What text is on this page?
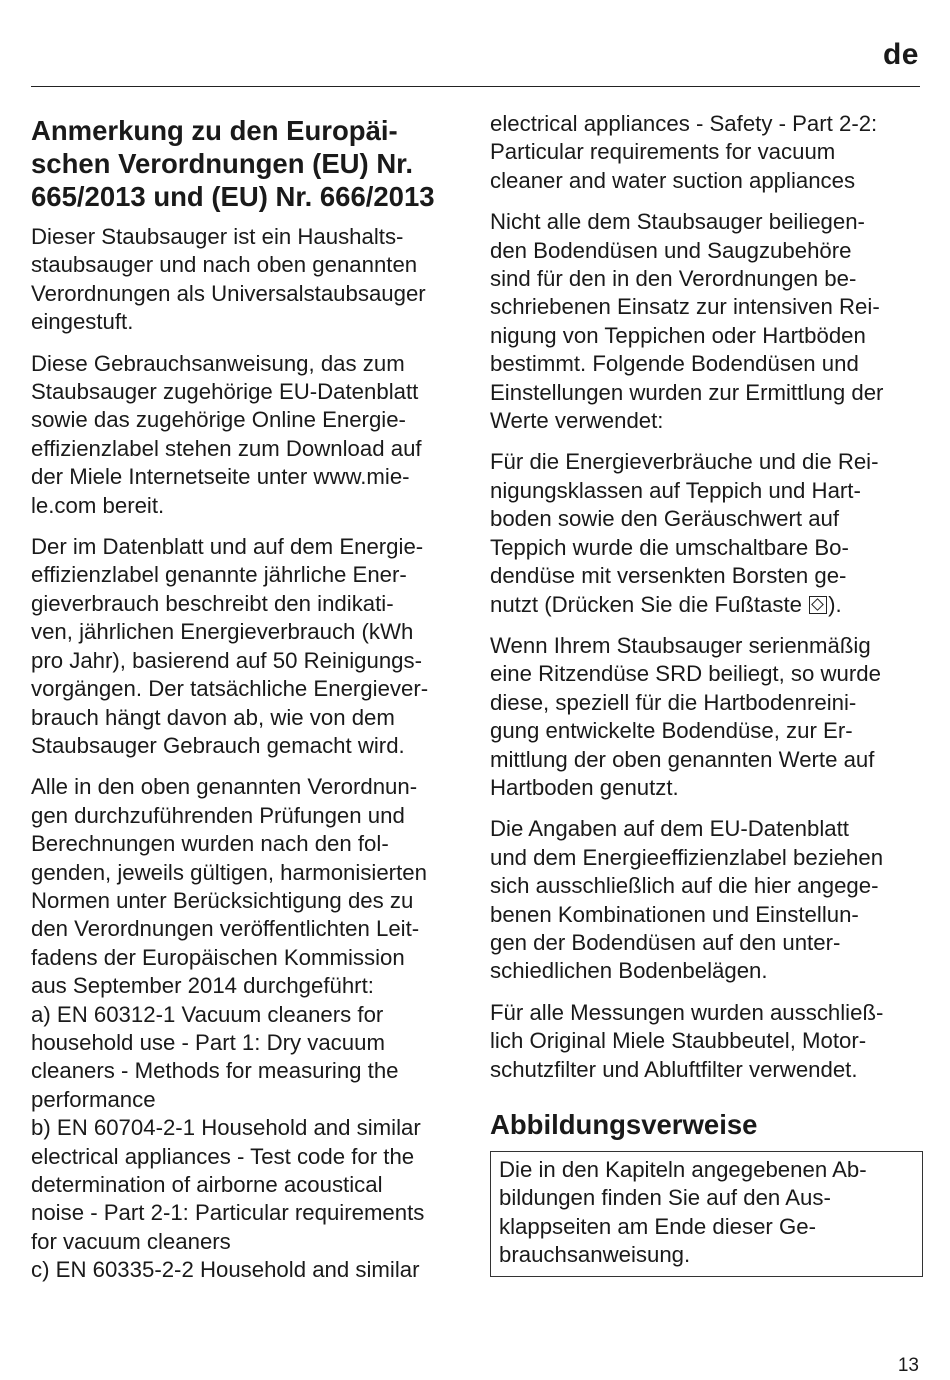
de
Anmerkung zu den Europäi-
schen Verordnungen (EU) Nr.
665/2013 und (EU) Nr. 666/2013

Dieser Staubsauger ist ein Haushalts-
staubsauger und nach oben genannten
Verordnungen als Universalstaubsauger
eingestuft.

Diese Gebrauchsanweisung, das zum
Staubsauger zugehörige EU-Datenblatt
sowie das zugehörige Online Energie-
effizienzlabel stehen zum Download auf
der Miele Internetseite unter www.mie-
le.com bereit.

Der im Datenblatt und auf dem Energie-
effizienzlabel genannte jährliche Ener-
gieverbrauch beschreibt den indikati-
ven, jährlichen Energieverbrauch (kWh
pro Jahr), basierend auf 50 Reinigungs-
vorgängen. Der tatsächliche Energiever-
brauch hängt davon ab, wie von dem
Staubsauger Gebrauch gemacht wird.

Alle in den oben genannten Verordnun-
gen durchzuführenden Prüfungen und
Berechnungen wurden nach den fol-
genden, jeweils gültigen, harmonisierten
Normen unter Berücksichtigung des zu
den Verordnungen veröffentlichten Leit-
fadens der Europäischen Kommission
aus September 2014 durchgeführt:
a) EN 60312-1 Vacuum cleaners for
household use - Part 1: Dry vacuum
cleaners - Methods for measuring the
performance
b) EN 60704-2-1 Household and similar
electrical appliances - Test code for the
determination of airborne acoustical
noise - Part 2-1: Particular requirements
for vacuum cleaners
c) EN 60335-2-2 Household and similar

electrical appliances - Safety - Part 2-2:
Particular requirements for vacuum
cleaner and water suction appliances

Nicht alle dem Staubsauger beiliegen-
den Bodendüsen und Saugzubehöre
sind für den in den Verordnungen be-
schriebenen Einsatz zur intensiven Rei-
nigung von Teppichen oder Hartböden
bestimmt. Folgende Bodendüsen und
Einstellungen wurden zur Ermittlung der
Werte verwendet:

Für die Energieverbräuche und die Rei-
nigungsklassen auf Teppich und Hart-
boden sowie den Geräuschwert auf
Teppich wurde die umschaltbare Bo-
dendüse mit versenkten Borsten ge-
nutzt (Drücken Sie die Fußtaste ).

Wenn Ihrem Staubsauger serienmäßig
eine Ritzendüse SRD beiliegt, so wurde
diese, speziell für die Hartbodenreini-
gung entwickelte Bodendüse, zur Er-
mittlung der oben genannten Werte auf
Hartboden genutzt.

Die Angaben auf dem EU-Datenblatt
und dem Energieeffizienzlabel beziehen
sich ausschließlich auf die hier angege-
benen Kombinationen und Einstellun-
gen der Bodendüsen auf den unter-
schiedlichen Bodenbelägen.

Für alle Messungen wurden ausschließ-
lich Original Miele Staubbeutel, Motor-
schutzfilter und Abluftfilter verwendet.

Abbildungsverweise
Die in den Kapiteln angegebenen Ab-
bildungen finden Sie auf den Aus-
klappseiten am Ende dieser Ge-
brauchsanweisung.
13
